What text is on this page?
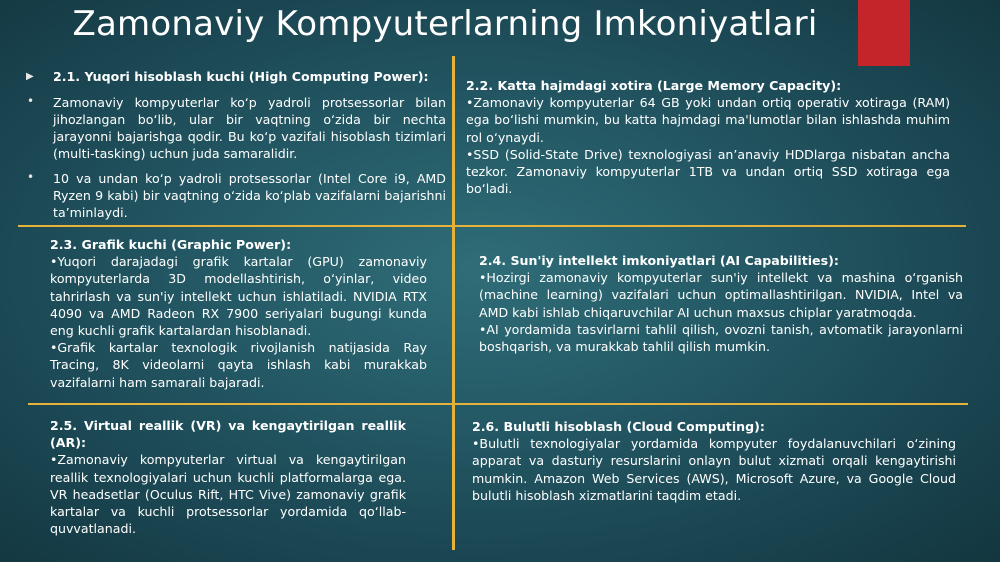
Zamonaviy Kompyuterlarning Imkoniyatlari
▶ 2.1. Yuqori hisoblash kuchi (High Computing Power):

• Zamonaviy kompyuterlar ko‘p yadroli protsessorlar bilan jihozlangan bo‘lib, ular bir vaqtning o‘zida bir nechta jarayonni bajarishga qodir. Bu ko‘p vazifali hisoblash tizimlari (multi-tasking) uchun juda samaralidir.

• 10 va undan ko‘p yadroli protsessorlar (Intel Core i9, AMD Ryzen 9 kabi) bir vaqtning o‘zida ko‘plab vazifalarni bajarishni ta’minlaydi.

2.2. Katta hajmdagi xotira (Large Memory Capacity):

•Zamonaviy kompyuterlar 64 GB yoki undan ortiq operativ xotiraga (RAM) ega bo‘lishi mumkin, bu katta hajmdagi ma'lumotlar bilan ishlashda muhim rol o‘ynaydi.

•SSD (Solid-State Drive) texnologiyasi an’anaviy HDDlarga nisbatan ancha tezkor. Zamonaviy kompyuterlar 1TB va undan ortiq SSD xotiraga ega bo‘ladi.

2.3. Grafik kuchi (Graphic Power):

•Yuqori darajadagi grafik kartalar (GPU) zamonaviy kompyuterlarda 3D modellashtirish, o‘yinlar, video tahrirlash va sun'iy intellekt uchun ishlatiladi. NVIDIA RTX 4090 va AMD Radeon RX 7900 seriyalari bugungi kunda eng kuchli grafik kartalardan hisoblanadi.

•Grafik kartalar texnologik rivojlanish natijasida Ray Tracing, 8K videolarni qayta ishlash kabi murakkab vazifalarni ham samarali bajaradi.

2.4. Sun'iy intellekt imkoniyatlari (AI Capabilities):

•Hozirgi zamonaviy kompyuterlar sun'iy intellekt va mashina o‘rganish (machine learning) vazifalari uchun optimallashtirilgan. NVIDIA, Intel va AMD kabi ishlab chiqaruvchilar AI uchun maxsus chiplar yaratmoqda.

•AI yordamida tasvirlarni tahlil qilish, ovozni tanish, avtomatik jarayonlarni boshqarish, va murakkab tahlil qilish mumkin.

2.5. Virtual reallik (VR) va kengaytirilgan reallik (AR):

•Zamonaviy kompyuterlar virtual va kengaytirilgan reallik texnologiyalari uchun kuchli platformalarga ega. VR headsetlar (Oculus Rift, HTC Vive) zamonaviy grafik kartalar va kuchli protsessorlar yordamida qo‘llab-quvvatlanadi.

2.6. Bulutli hisoblash (Cloud Computing):

•Bulutli texnologiyalar yordamida kompyuter foydalanuvchilari o‘zining apparat va dasturiy resurslarini onlayn bulut xizmati orqali kengaytirishi mumkin. Amazon Web Services (AWS), Microsoft Azure, va Google Cloud bulutli hisoblash xizmatlarini taqdim etadi.
